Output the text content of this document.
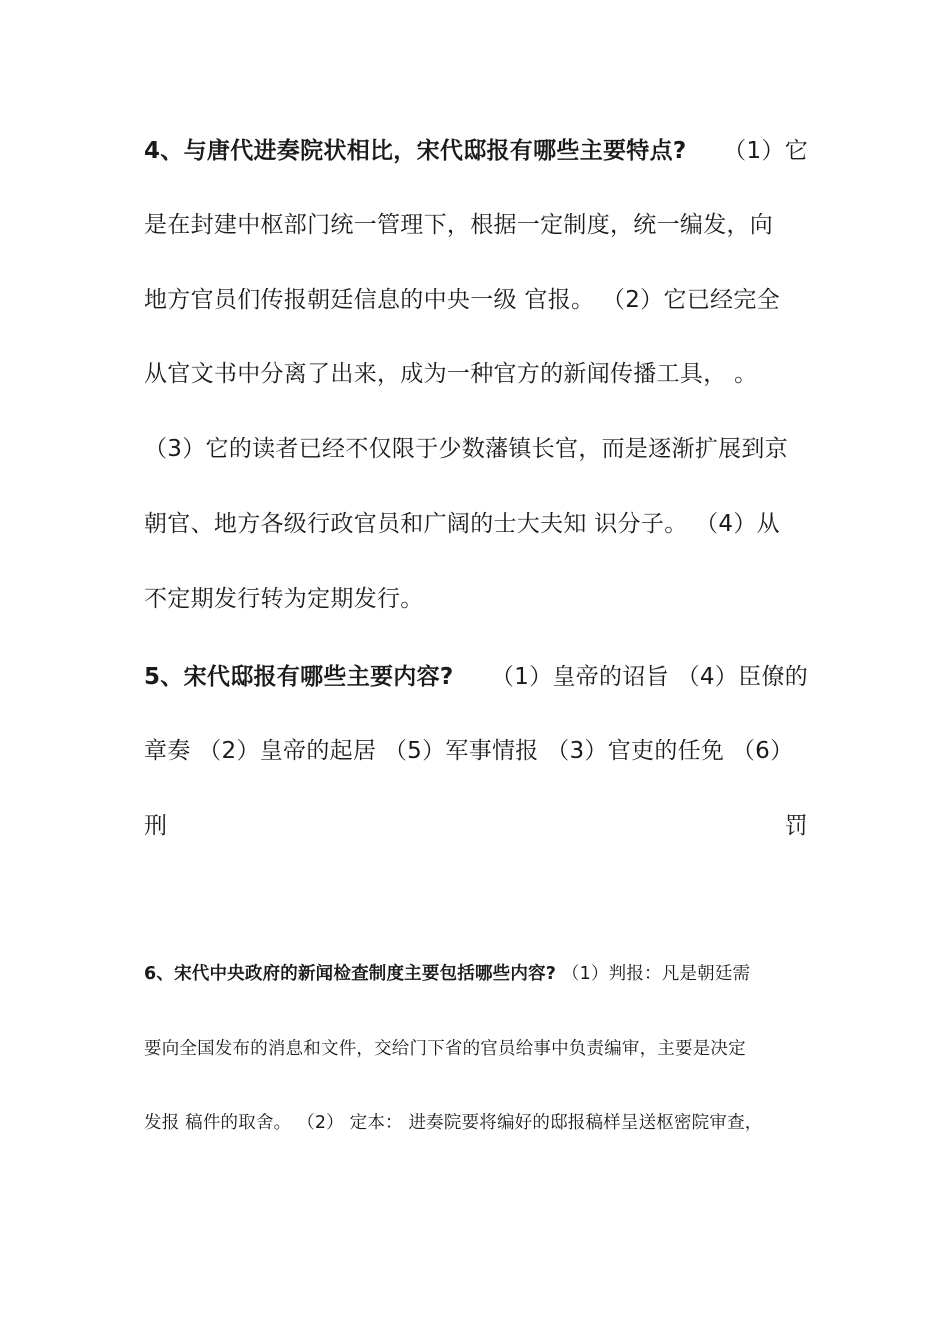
4、与唐代进奏院状相比，宋代邸报有哪些主要特点? （1）它
是在封建中枢部门统一管理下，根据一定制度，统一编发，向
地方官员们传报朝廷信息的中央一级 官报。 （2）它已经完全
从官文书中分离了出来，成为一种官方的新闻传播工具， 。
（3）它的读者已经不仅限于少数藩镇长官，而是逐渐扩展到京
朝官、地方各级行政官员和广阔的士大夫知 识分子。 （4）从
不定期发行转为定期发行。
5、宋代邸报有哪些主要内容? （1）皇帝的诏旨 （4）臣僚的
章奏 （2）皇帝的起居 （5）军事情报 （3）官吏的任免 （6）
刑	罚
6、宋代中央政府的新闻检查制度主要包括哪些内容? （1）判报：凡是朝廷需
要向全国发布的消息和文件，交给门下省的官员给事中负责编审，主要是决定
发报 稿件的取舍。 （2） 定本： 进奏院要将编好的邸报稿样呈送枢密院审查，
